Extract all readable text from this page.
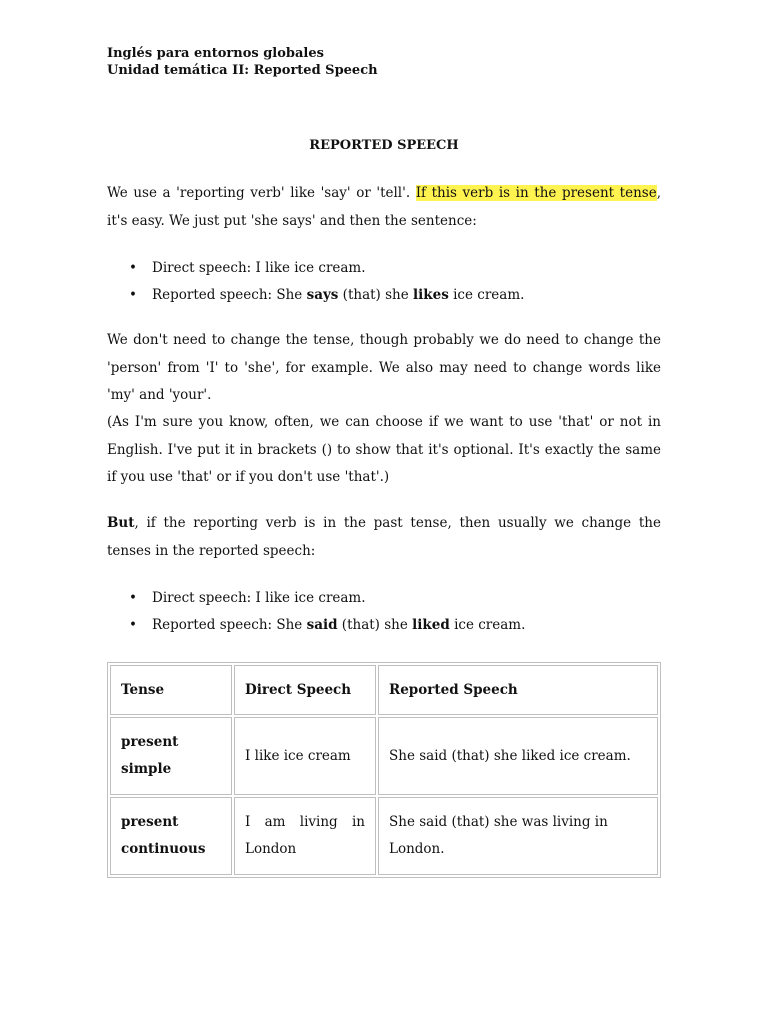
Inglés para entornos globales
Unidad temática II: Reported Speech
REPORTED SPEECH
We use a 'reporting verb' like 'say' or 'tell'. If this verb is in the present tense, it's easy. We just put 'she says' and then the sentence:
• Direct speech: I like ice cream.
• Reported speech: She says (that) she likes ice cream.
We don't need to change the tense, though probably we do need to change the 'person' from 'I' to 'she', for example. We also may need to change words like 'my' and 'your'.
(As I'm sure you know, often, we can choose if we want to use 'that' or not in English. I've put it in brackets () to show that it's optional. It's exactly the same if you use 'that' or if you don't use 'that'.)
But, if the reporting verb is in the past tense, then usually we change the tenses in the reported speech:
• Direct speech: I like ice cream.
• Reported speech: She said (that) she liked ice cream.
Tense	Direct Speech	Reported Speech
present simple	I like ice cream	She said (that) she liked ice cream.
present continuous	I am living in London	She said (that) she was living in London.
